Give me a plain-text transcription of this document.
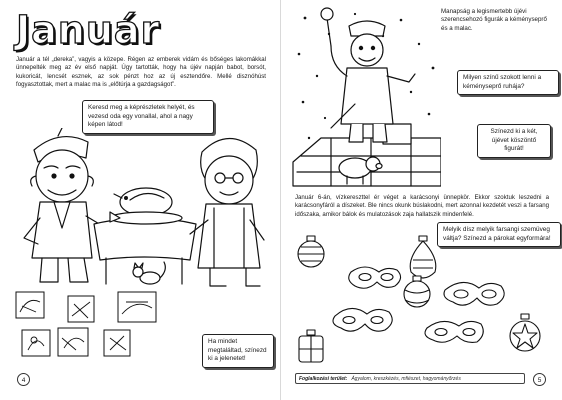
Január
Január a tél „dereka”, vagyis a közepe. Régen az emberek vidám és bőséges lakomákkal ünnepelték meg az év első napját. Úgy tartották, hogy ha újév napján babot, borsót, kukoricát, lencsét esznek, az sok pénzt hoz az új esztendőre. Mellé disznóhúst fogyasztottak, mert a malac ma is „előtúrja a gazdagságot”.
Keresd meg a képrészletek helyét, és vezesd oda egy vonallal, ahol a nagy képen látod!
Ha mindet megtaláltad, színezd ki a jelenetet!
4
Manapság a legismertebb újévi szerencsehozó figurák a kéményseprő és a malac.
Milyen színű szokott lenni a kéményseprő ruhája?
Színezd ki a két, újévet köszöntő figurát!
Január 6-án, vízkereszttel ér véget a karácsonyi ünnepkör. Ekkor szoktuk leszedni a karácsonyfáról a díszeket. Ble nincs okunk búslakodni, mert azonnal kezdetét veszi a farsang időszaka, amikor bálok és mulatozások zaja hallatszik mindenfelé.
Melyik dísz melyik farsangi szemüveg váltja? Színezd a párokat egyformára!
Foglalkozási terület: Ágyalom, kreszkézés, mfiészet, hagyományőrzés	5
